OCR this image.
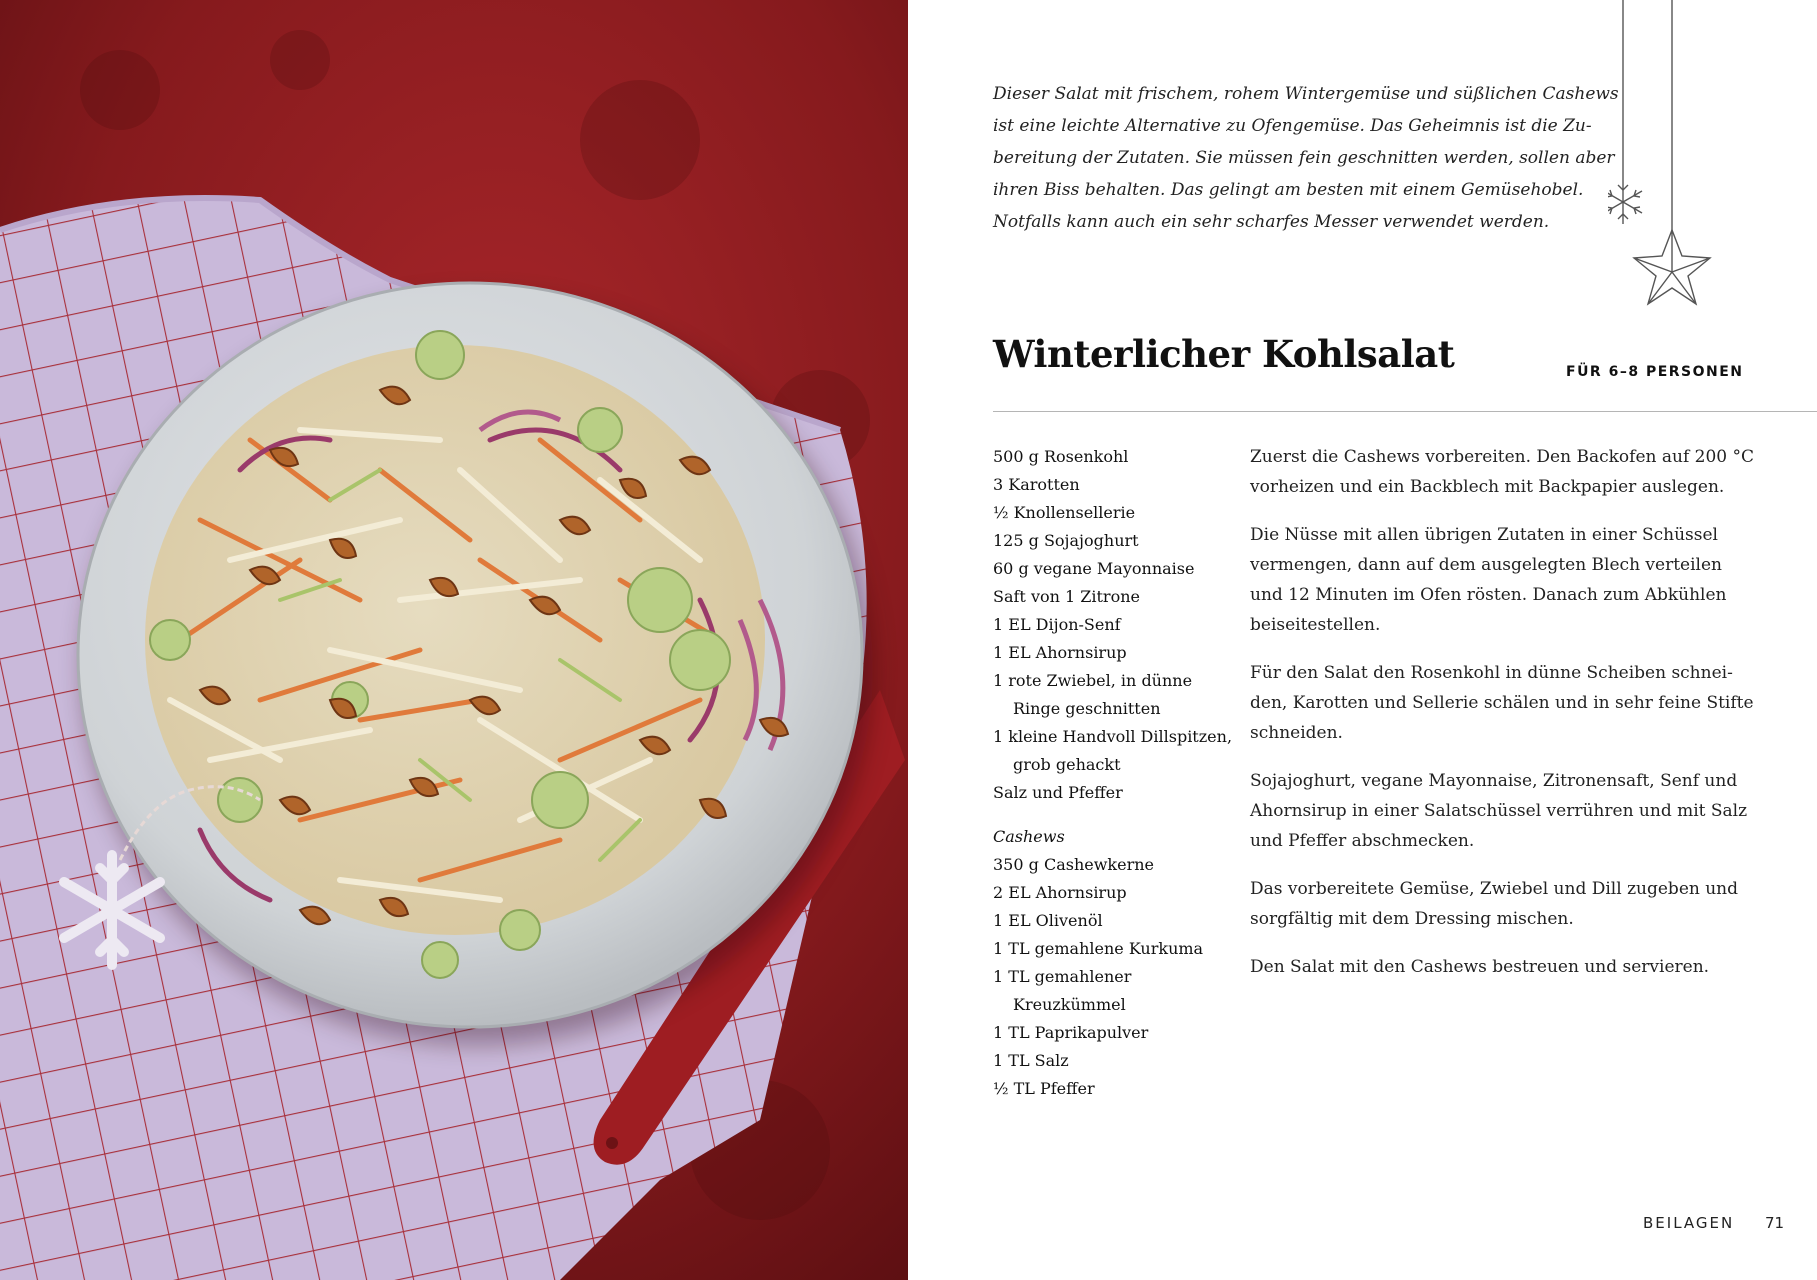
Dieser Salat mit frischem, rohem Wintergemüse und süßlichen Cashews
ist eine leichte Alternative zu Ofengemüse. Das Geheimnis ist die Zu-
bereitung der Zutaten. Sie müssen fein geschnitten werden, sollen aber
ihren Biss behalten. Das gelingt am besten mit einem Gemüsehobel.
Notfalls kann auch ein sehr scharfes Messer verwendet werden.
Winterlicher Kohlsalat	FÜR 6–8 PERSONEN
500 g Rosenkohl
3 Karotten
½ Knollensellerie
125 g Sojajoghurt
60 g vegane Mayonnaise
Saft von 1 Zitrone
1 EL Dijon-Senf
1 EL Ahornsirup
1 rote Zwiebel, in dünne
Ringe geschnitten
1 kleine Handvoll Dillspitzen,
grob gehackt
Salz und Pfeffer
Cashews
350 g Cashewkerne
2 EL Ahornsirup
1 EL Olivenöl
1 TL gemahlene Kurkuma
1 TL gemahlener
Kreuzkümmel
1 TL Paprikapulver
1 TL Salz
½ TL Pfeffer

Zuerst die Cashews vorbereiten. Den Backofen auf 200 °C
vorheizen und ein Backblech mit Backpapier auslegen.

Die Nüsse mit allen übrigen Zutaten in einer Schüssel
vermengen, dann auf dem ausgelegten Blech verteilen
und 12 Minuten im Ofen rösten. Danach zum Abkühlen
beiseitestellen.

Für den Salat den Rosenkohl in dünne Scheiben schnei-
den, Karotten und Sellerie schälen und in sehr feine Stifte
schneiden.

Sojajoghurt, vegane Mayonnaise, Zitronensaft, Senf und
Ahornsirup in einer Salatschüssel verrühren und mit Salz
und Pfeffer abschmecken.

Das vorbereitete Gemüse, Zwiebel und Dill zugeben und
sorgfältig mit dem Dressing mischen.

Den Salat mit den Cashews bestreuen und servieren.

BEILAGEN 71
